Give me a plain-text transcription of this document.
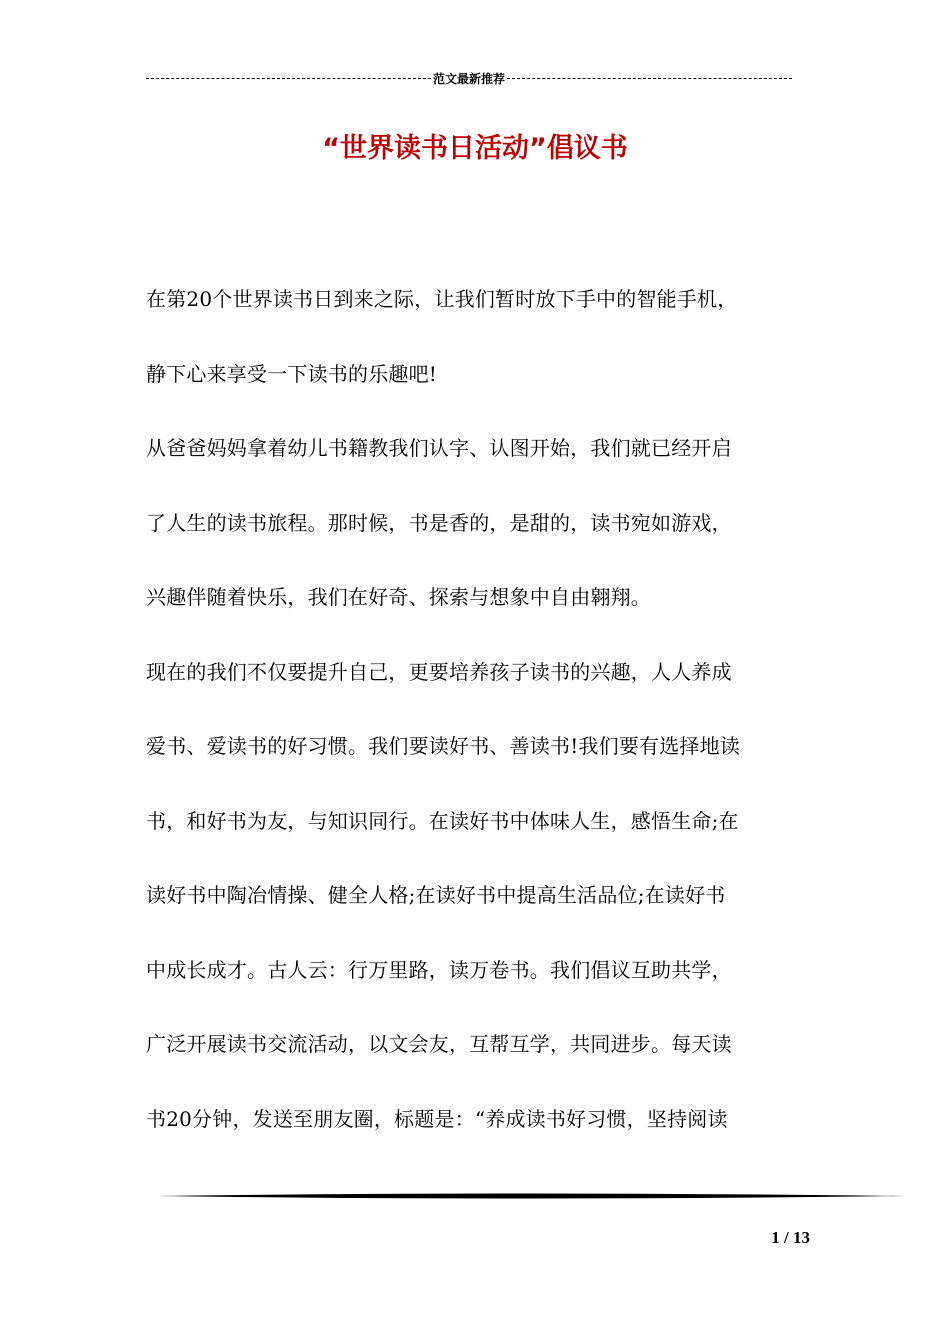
范文最新推荐
“世界读书日活动”倡议书
在第20个世界读书日到来之际，让我们暂时放下手中的智能手机，
静下心来享受一下读书的乐趣吧!
从爸爸妈妈拿着幼儿书籍教我们认字、认图开始，我们就已经开启
了人生的读书旅程。那时候，书是香的，是甜的，读书宛如游戏，
兴趣伴随着快乐，我们在好奇、探索与想象中自由翱翔。
现在的我们不仅要提升自己，更要培养孩子读书的兴趣，人人养成
爱书、爱读书的好习惯。我们要读好书、善读书!我们要有选择地读
书，和好书为友，与知识同行。在读好书中体味人生，感悟生命;在
读好书中陶冶情操、健全人格;在读好书中提高生活品位;在读好书
中成长成才。古人云：行万里路，读万卷书。我们倡议互助共学，
广泛开展读书交流活动，以文会友，互帮互学，共同进步。每天读
书20分钟，发送至朋友圈，标题是：“养成读书好习惯，坚持阅读
1 / 13
